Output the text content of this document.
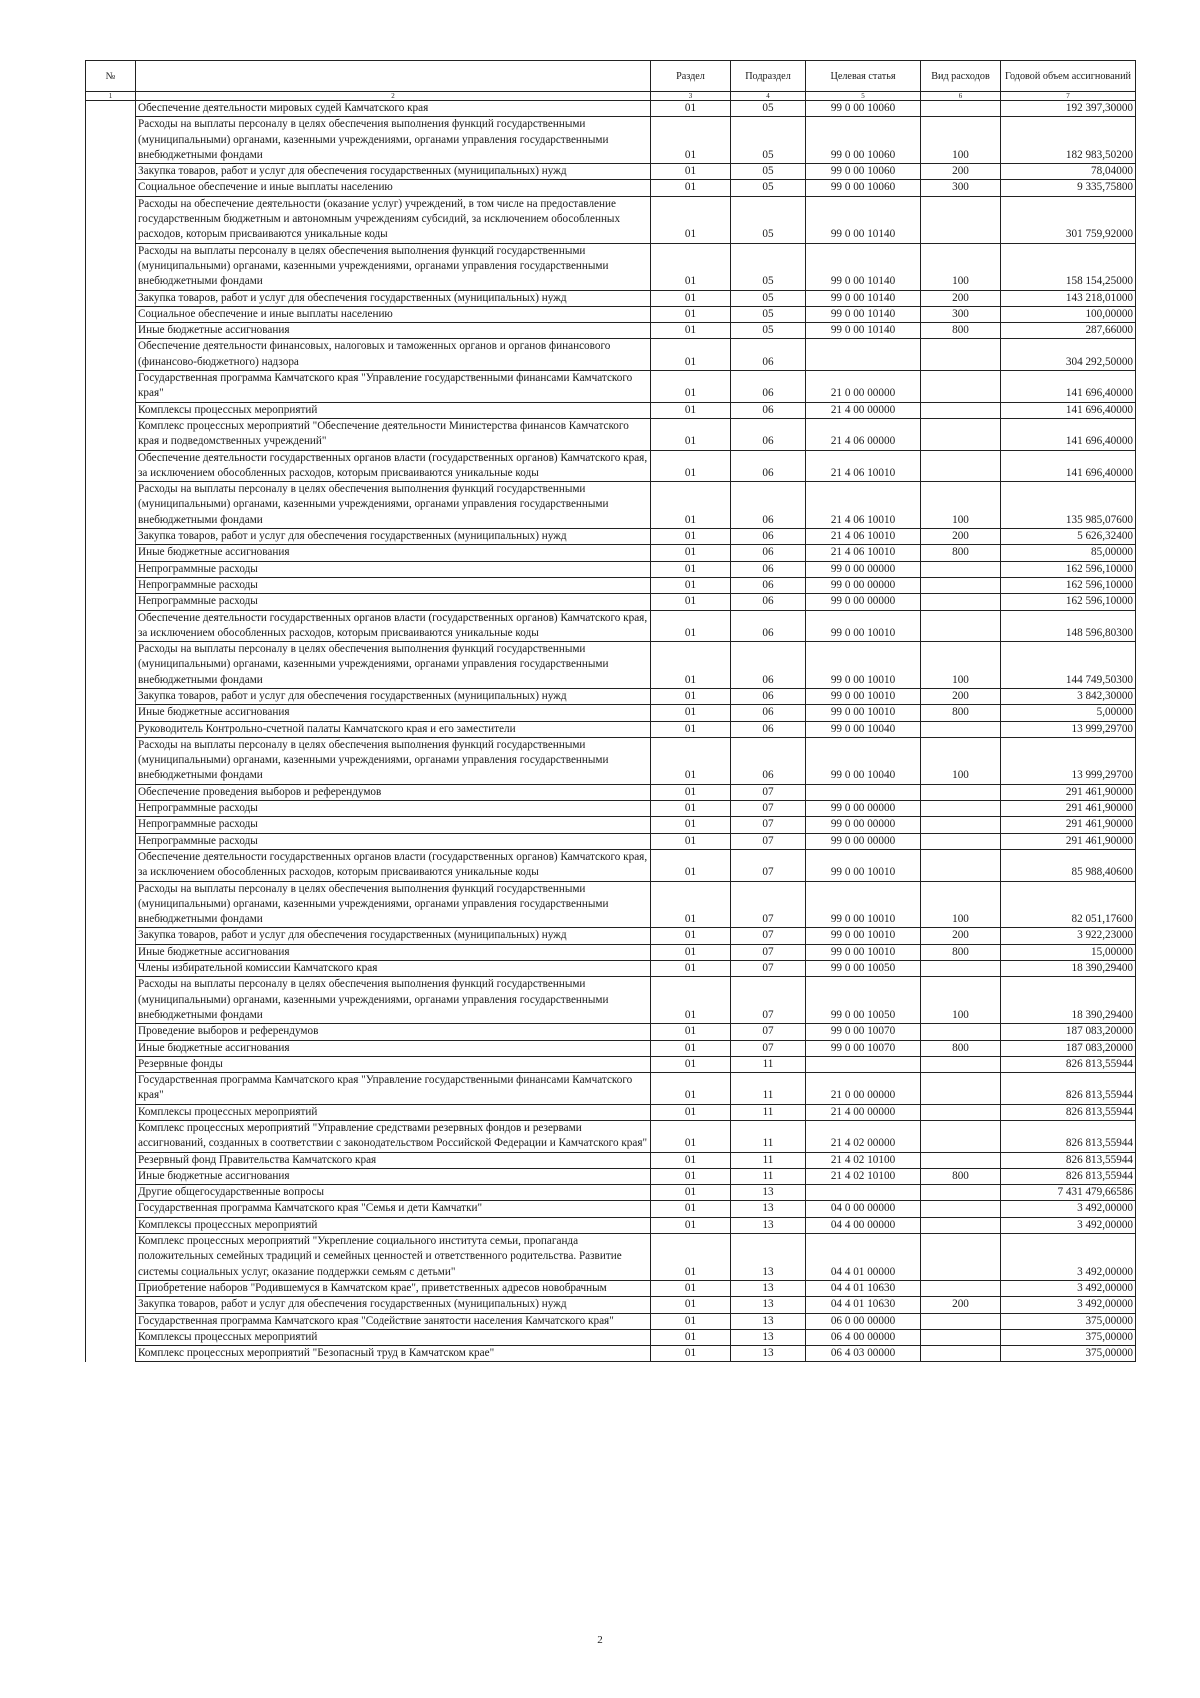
№		Раздел	Подраздел	Целевая статья	Вид расходов	Годовой объем ассигнований
1	2	3	4	5	6	7
	Обеспечение деятельности мировых судей Камчатского края	01	05	99 0 00 10060		192 397,30000
	Расходы на выплаты персоналу в целях обеспечения выполнения функций государственными (муниципальными) органами, казенными учреждениями, органами управления государственными внебюджетными фондами	01	05	99 0 00 10060	100	182 983,50200
	Закупка товаров, работ и услуг для обеспечения государственных (муниципальных) нужд	01	05	99 0 00 10060	200	78,04000
	Социальное обеспечение и иные выплаты населению	01	05	99 0 00 10060	300	9 335,75800
	Расходы на обеспечение деятельности (оказание услуг) учреждений, в том числе на предоставление государственным бюджетным и автономным учреждениям субсидий, за исключением обособленных расходов, которым присваиваются уникальные коды	01	05	99 0 00 10140		301 759,92000
	Расходы на выплаты персоналу в целях обеспечения выполнения функций государственными (муниципальными) органами, казенными учреждениями, органами управления государственными внебюджетными фондами	01	05	99 0 00 10140	100	158 154,25000
	Закупка товаров, работ и услуг для обеспечения государственных (муниципальных) нужд	01	05	99 0 00 10140	200	143 218,01000
	Социальное обеспечение и иные выплаты населению	01	05	99 0 00 10140	300	100,00000
	Иные бюджетные ассигнования	01	05	99 0 00 10140	800	287,66000
	Обеспечение деятельности финансовых, налоговых и таможенных органов и органов финансового (финансово-бюджетного) надзора	01	06			304 292,50000
	Государственная программа Камчатского края "Управление государственными финансами Камчатского края"	01	06	21 0 00 00000		141 696,40000
	Комплексы процессных мероприятий	01	06	21 4 00 00000		141 696,40000
	Комплекс процессных мероприятий "Обеспечение деятельности Министерства финансов Камчатского края и подведомственных учреждений"	01	06	21 4 06 00000		141 696,40000
	Обеспечение деятельности государственных органов власти (государственных органов) Камчатского края, за исключением обособленных расходов, которым присваиваются уникальные коды	01	06	21 4 06 10010		141 696,40000
	Расходы на выплаты персоналу в целях обеспечения выполнения функций государственными (муниципальными) органами, казенными учреждениями, органами управления государственными внебюджетными фондами	01	06	21 4 06 10010	100	135 985,07600
	Закупка товаров, работ и услуг для обеспечения государственных (муниципальных) нужд	01	06	21 4 06 10010	200	5 626,32400
	Иные бюджетные ассигнования	01	06	21 4 06 10010	800	85,00000
	Непрограммные расходы	01	06	99 0 00 00000		162 596,10000
	Непрограммные расходы	01	06	99 0 00 00000		162 596,10000
	Непрограммные расходы	01	06	99 0 00 00000		162 596,10000
	Обеспечение деятельности государственных органов власти (государственных органов) Камчатского края, за исключением обособленных расходов, которым присваиваются уникальные коды	01	06	99 0 00 10010		148 596,80300
	Расходы на выплаты персоналу в целях обеспечения выполнения функций государственными (муниципальными) органами, казенными учреждениями, органами управления государственными внебюджетными фондами	01	06	99 0 00 10010	100	144 749,50300
	Закупка товаров, работ и услуг для обеспечения государственных (муниципальных) нужд	01	06	99 0 00 10010	200	3 842,30000
	Иные бюджетные ассигнования	01	06	99 0 00 10010	800	5,00000
	Руководитель Контрольно-счетной палаты Камчатского края и его заместители	01	06	99 0 00 10040		13 999,29700
	Расходы на выплаты персоналу в целях обеспечения выполнения функций государственными (муниципальными) органами, казенными учреждениями, органами управления государственными внебюджетными фондами	01	06	99 0 00 10040	100	13 999,29700
	Обеспечение проведения выборов и референдумов	01	07			291 461,90000
	Непрограммные расходы	01	07	99 0 00 00000		291 461,90000
	Непрограммные расходы	01	07	99 0 00 00000		291 461,90000
	Непрограммные расходы	01	07	99 0 00 00000		291 461,90000
	Обеспечение деятельности государственных органов власти (государственных органов) Камчатского края, за исключением обособленных расходов, которым присваиваются уникальные коды	01	07	99 0 00 10010		85 988,40600
	Расходы на выплаты персоналу в целях обеспечения выполнения функций государственными (муниципальными) органами, казенными учреждениями, органами управления государственными внебюджетными фондами	01	07	99 0 00 10010	100	82 051,17600
	Закупка товаров, работ и услуг для обеспечения государственных (муниципальных) нужд	01	07	99 0 00 10010	200	3 922,23000
	Иные бюджетные ассигнования	01	07	99 0 00 10010	800	15,00000
	Члены избирательной комиссии Камчатского края	01	07	99 0 00 10050		18 390,29400
	Расходы на выплаты персоналу в целях обеспечения выполнения функций государственными (муниципальными) органами, казенными учреждениями, органами управления государственными внебюджетными фондами	01	07	99 0 00 10050	100	18 390,29400
	Проведение выборов и референдумов	01	07	99 0 00 10070		187 083,20000
	Иные бюджетные ассигнования	01	07	99 0 00 10070	800	187 083,20000
	Резервные фонды	01	11			826 813,55944
	Государственная программа Камчатского края "Управление государственными финансами Камчатского края"	01	11	21 0 00 00000		826 813,55944
	Комплексы процессных мероприятий	01	11	21 4 00 00000		826 813,55944
	Комплекс процессных мероприятий "Управление средствами резервных фондов и резервами ассигнований, созданных в соответствии с законодательством Российской Федерации и Камчатского края"	01	11	21 4 02 00000		826 813,55944
	Резервный фонд Правительства Камчатского края	01	11	21 4 02 10100		826 813,55944
	Иные бюджетные ассигнования	01	11	21 4 02 10100	800	826 813,55944
	Другие общегосударственные вопросы	01	13			7 431 479,66586
	Государственная программа Камчатского края "Семья и дети Камчатки"	01	13	04 0 00 00000		3 492,00000
	Комплексы процессных мероприятий	01	13	04 4 00 00000		3 492,00000
	Комплекс процессных мероприятий "Укрепление социального института семьи, пропаганда положительных семейных традиций и семейных ценностей и ответственного родительства. Развитие системы социальных услуг, оказание поддержки семьям с детьми"	01	13	04 4 01 00000		3 492,00000
	Приобретение наборов "Родившемуся в Камчатском крае", приветственных адресов новобрачным	01	13	04 4 01 10630		3 492,00000
	Закупка товаров, работ и услуг для обеспечения государственных (муниципальных) нужд	01	13	04 4 01 10630	200	3 492,00000
	Государственная программа Камчатского края "Содействие занятости населения Камчатского края"	01	13	06 0 00 00000		375,00000
	Комплексы процессных мероприятий	01	13	06 4 00 00000		375,00000
	Комплекс процессных мероприятий "Безопасный труд в Камчатском крае"	01	13	06 4 03 00000		375,00000
2
